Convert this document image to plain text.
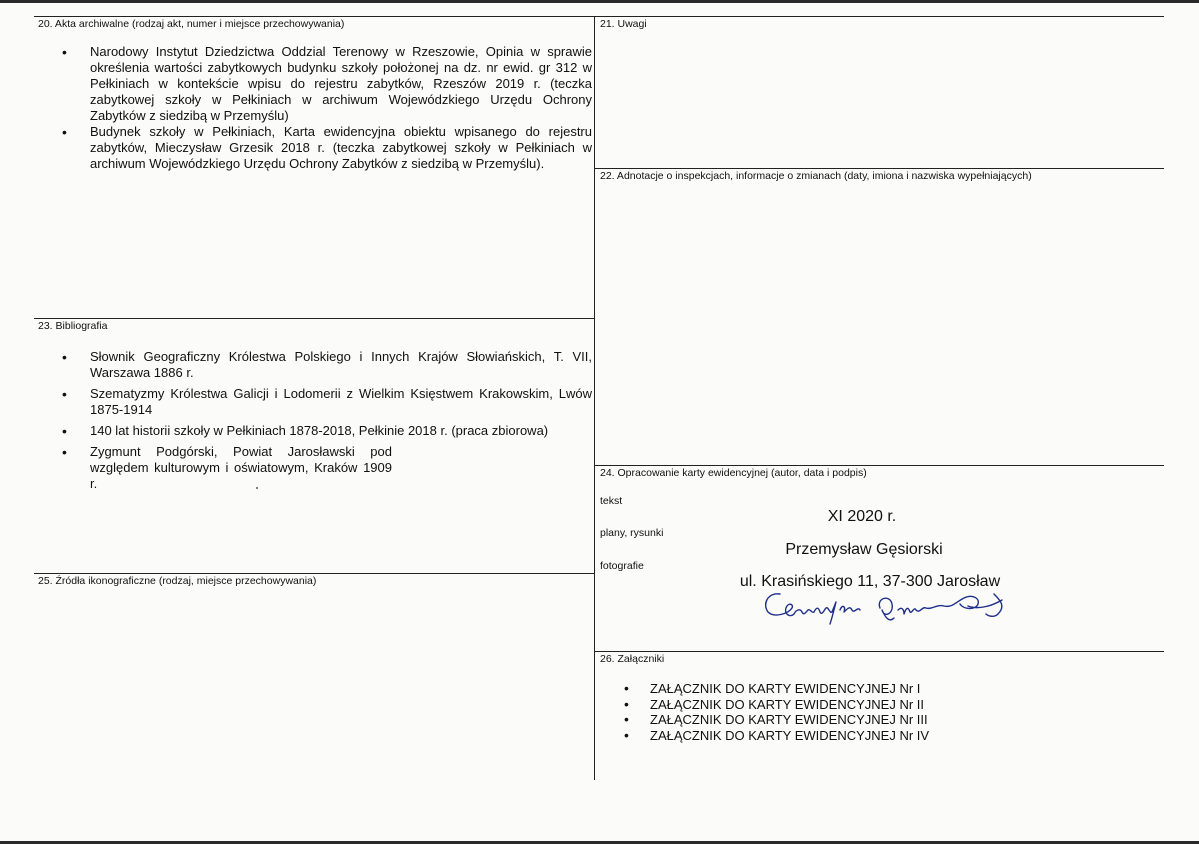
20. Akta archiwalne (rodzaj akt, numer i miejsce przechowywania)
• Narodowy Instytut Dziedzictwa Oddzial Terenowy w Rzeszowie, Opinia w sprawie określenia wartości zabytkowych budynku szkoły położonej na dz. nr ewid. gr 312 w Pełkiniach w kontekście wpisu do rejestru zabytków, Rzeszów 2019 r. (teczka zabytkowej szkoły w Pełkiniach w archiwum Wojewódzkiego Urzędu Ochrony Zabytków z siedzibą w Przemyślu)
• Budynek szkoły w Pełkiniach, Karta ewidencyjna obiektu wpisanego do rejestru zabytków, Mieczysław Grzesik 2018 r. (teczka zabytkowej szkoły w Pełkiniach w archiwum Wojewódzkiego Urzędu Ochrony Zabytków z siedzibą w Przemyślu).
21. Uwagi
22. Adnotacje o inspekcjach, informacje o zmianach (daty, imiona i nazwiska wypełniających)
23. Bibliografia
• Słownik Geograficzny Królestwa Polskiego i Innych Krajów Słowiańskich, T. VII, Warszawa 1886 r.
• Szematyzmy Królestwa Galicji i Lodomerii z Wielkim Księstwem Krakowskim, Lwów 1875-1914
• 140 lat historii szkoły w Pełkiniach 1878-2018, Pełkinie 2018 r. (praca zbiorowa)
• Zygmunt Podgórski, Powiat Jarosławski pod względem kulturowym i oświatowym, Kraków 1909 r.
24. Opracowanie karty ewidencyjnej (autor, data i podpis)
tekst
plany, rysunki
fotografie
XI 2020 r.
Przemysław Gęsiorski
ul. Krasińskiego 11, 37-300 Jarosław
25. Źródła ikonograficzne (rodzaj, miejsce przechowywania)
26. Załączniki
• ZAŁĄCZNIK DO KARTY EWIDENCYJNEJ Nr I
• ZAŁĄCZNIK DO KARTY EWIDENCYJNEJ Nr II
• ZAŁĄCZNIK DO KARTY EWIDENCYJNEJ Nr III
• ZAŁĄCZNIK DO KARTY EWIDENCYJNEJ Nr IV
